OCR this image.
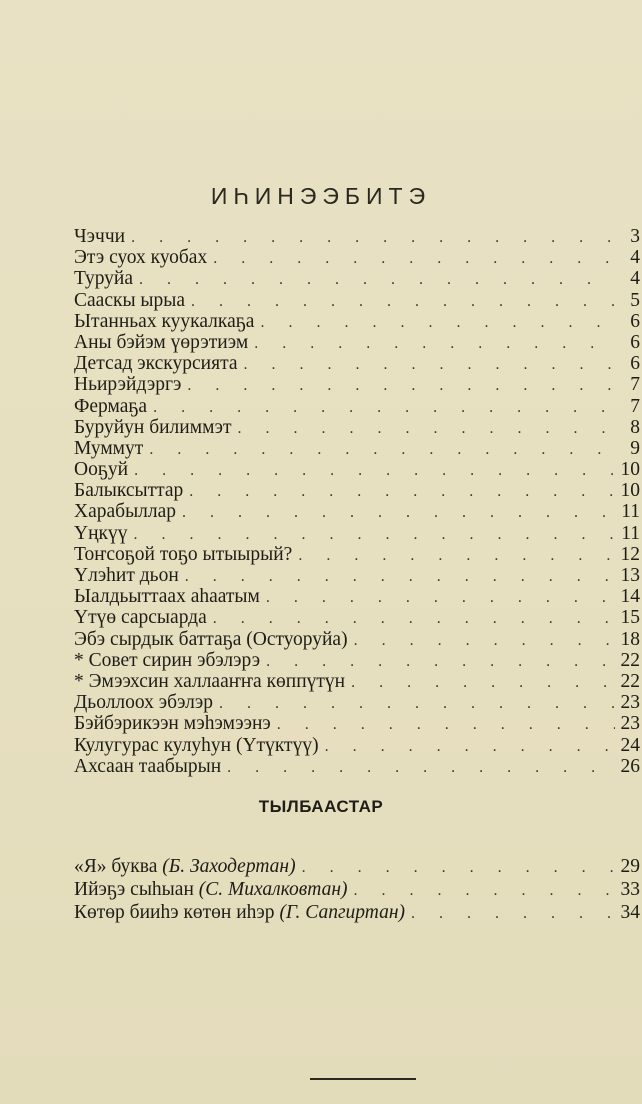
ИҺИНЭЭБИТЭ
Чэччи . . .	3
Этэ суох куобах . . .	4
Туруйа . . .	4
Сааскы ырыа . . .	5
Ытанньах куукалкаҕа . . .	6
Аны бэйэм үөрэтиэм . . .	6
Детсад экскурсията . . .	6
Ньирэйдэргэ . . .	7
Фермаҕа . . .	7
Буруйун билиммэт . . .	8
Муммут . . .	9
Ооҕуй . . .	10
Балыксыттар . . .	10
Харабыллар . . .	11
Үңкүү . . .	11
Тоҥсоҕой тоҕо ытыырый? . . .	12
Үлэһит дьон . . .	13
Ыалдьыттаах аһаатым . . .	14
Үтүө сарсыарда . . .	15
Эбэ сырдык баттаҕа (Остуоруйа) . . .	18
* Совет сирин эбэлэрэ . . .	22
* Эмээхсин халлааҥҥа көппүтүн . . .	22
Дьоллоох эбэлэр . . .	23
Бэйбэрикээн мэһэмээнэ . . .	23
Кулугурас кулуһун (Үтүктүү) . . .	24
Ахсаан таабырын . . .	26
ТЫЛБААСТАР
«Я» буква (Б. Заходертан) . . .	29
Ийэҕэ сыһыан (С. Михалковтан) . . .	33
Көтөр бииһэ көтөн иһэр (Г. Сапгиртан) . . .	34
